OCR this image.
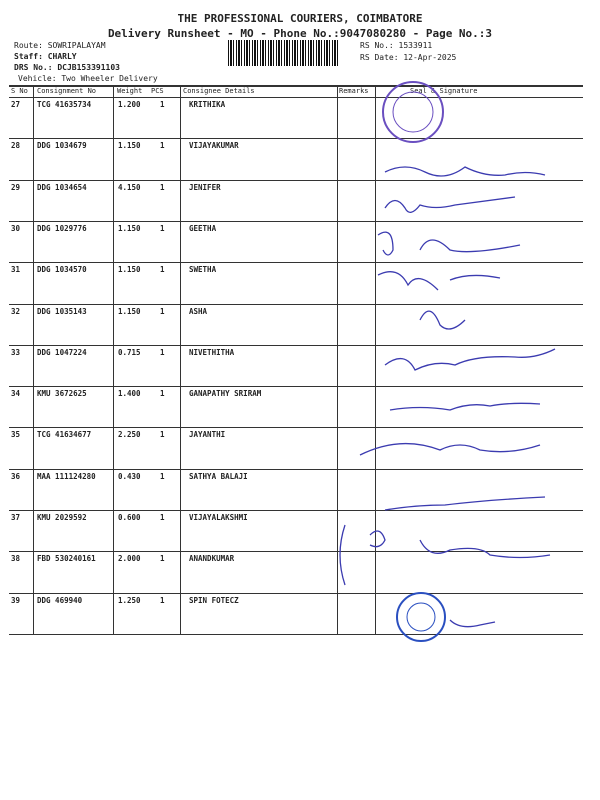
THE PROFESSIONAL COURIERS, COIMBATORE
Delivery Runsheet - MO - Phone No.:9047080280 - Page No.:3
Route: SOWRIPALAYAM
Staff: CHARLY
DRS No.: DCJB153391103
Vehicle: Two Wheeler Delivery
RS No.: 1533911
RS Date: 12-Apr-2025
S No Consignment No	Weight PCS	Consignee Details	Remarks	Seal & Signature
27 TCG 41635734	1.200	1	KRITHIKA
28 DDG 1034679	1.150	1	VIJAYAKUMAR
29 DDG 1034654	4.150	1	JENIFER
30 DDG 1029776	1.150	1	GEETHA
31 DDG 1034570	1.150	1	SWETHA
32 DDG 1035143	1.150	1	ASHA
33 DDG 1047224	0.715	1	NIVETHITHA
34 KMU 3672625	1.400	1	GANAPATHY SRIRAM
35 TCG 41634677	2.250	1	JAYANTHI
36 MAA 111124280	0.430	1	SATHYA BALAJI
37 KMU 2029592	0.600	1	VIJAYALAKSHMI
38 FBD 530240161	2.000	1	ANANDKUMAR
39 DDG 469940	1.250	1	SPIN FOTECZ
